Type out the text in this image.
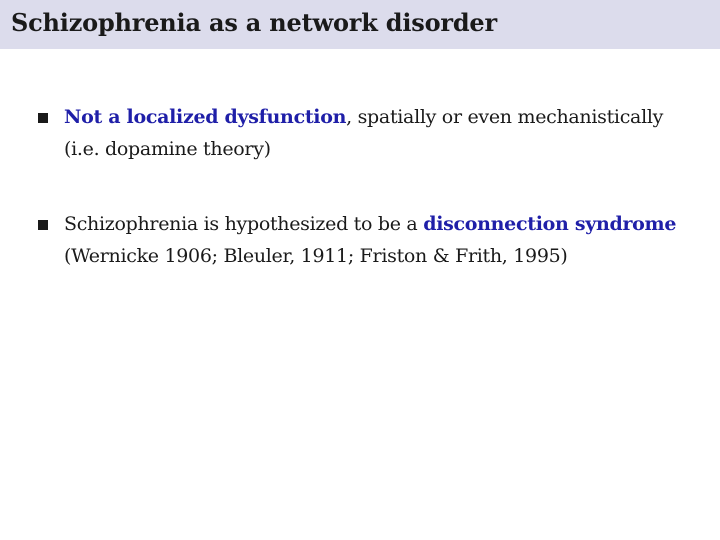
Schizophrenia as a network disorder
Not a localized dysfunction, spatially or even mechanistically (i.e. dopamine theory)
Schizophrenia is hypothesized to be a disconnection syndrome (Wernicke 1906; Bleuler, 1911; Friston & Frith, 1995)
